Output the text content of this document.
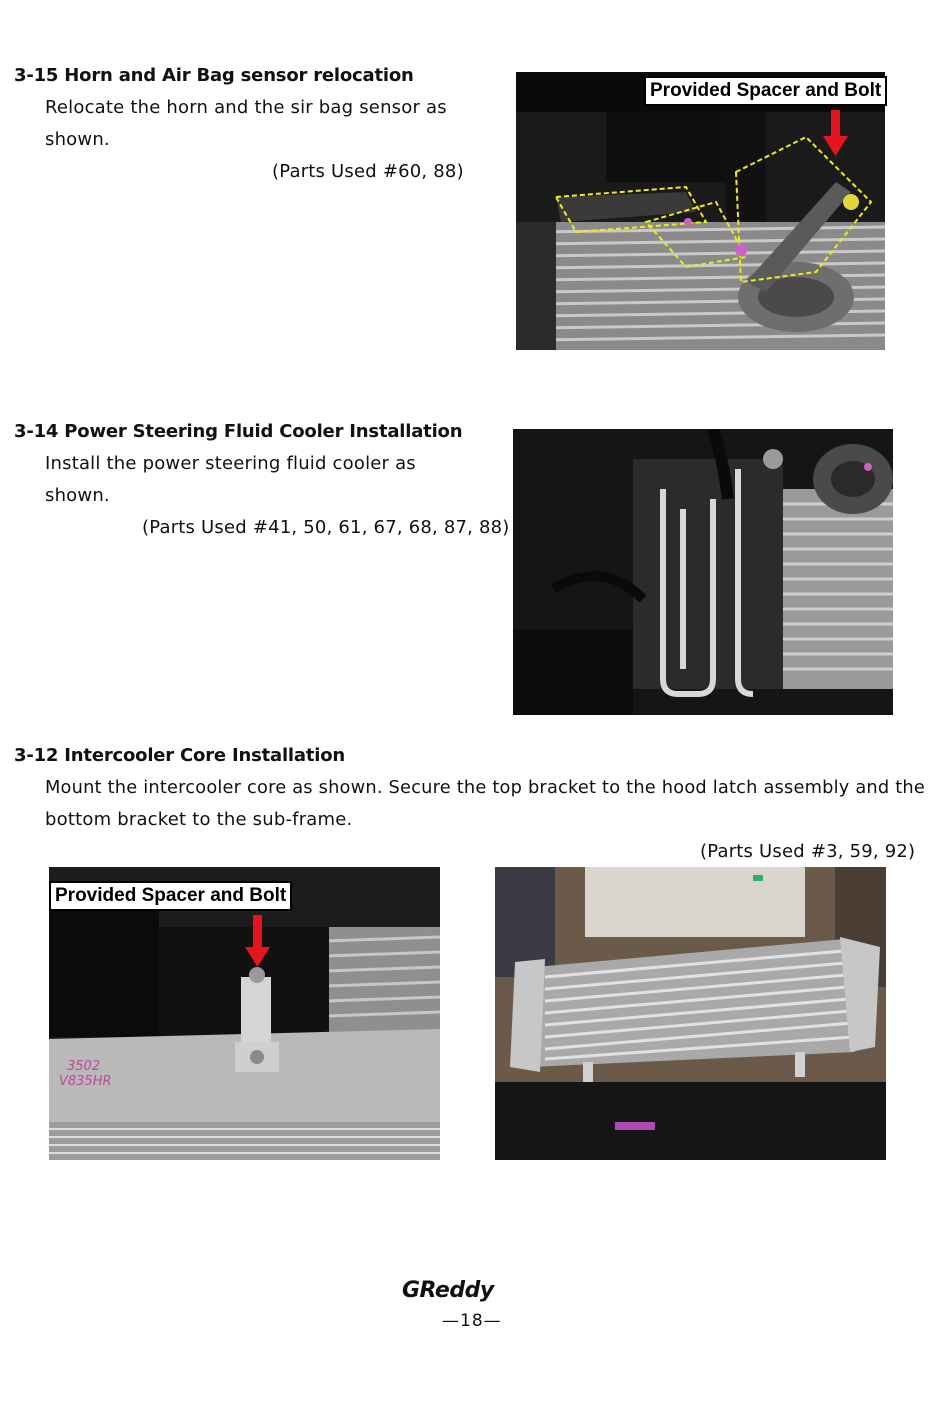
3-15 Horn and Air Bag sensor relocation
Relocate the horn and the sir bag sensor as
shown.
(Parts Used #60, 88)
Provided Spacer and Bolt
3-14 Power Steering Fluid Cooler Installation
Install the power steering fluid cooler as
shown.
(Parts Used #41, 50, 61, 67, 68, 87, 88)
3-12 Intercooler Core Installation
Mount the intercooler core as shown. Secure the top bracket to the hood latch assembly and the
bottom bracket to the sub-frame.
(Parts Used #3, 59, 92)
3502
V835HR
Provided Spacer and Bolt
GReddy
—18—
